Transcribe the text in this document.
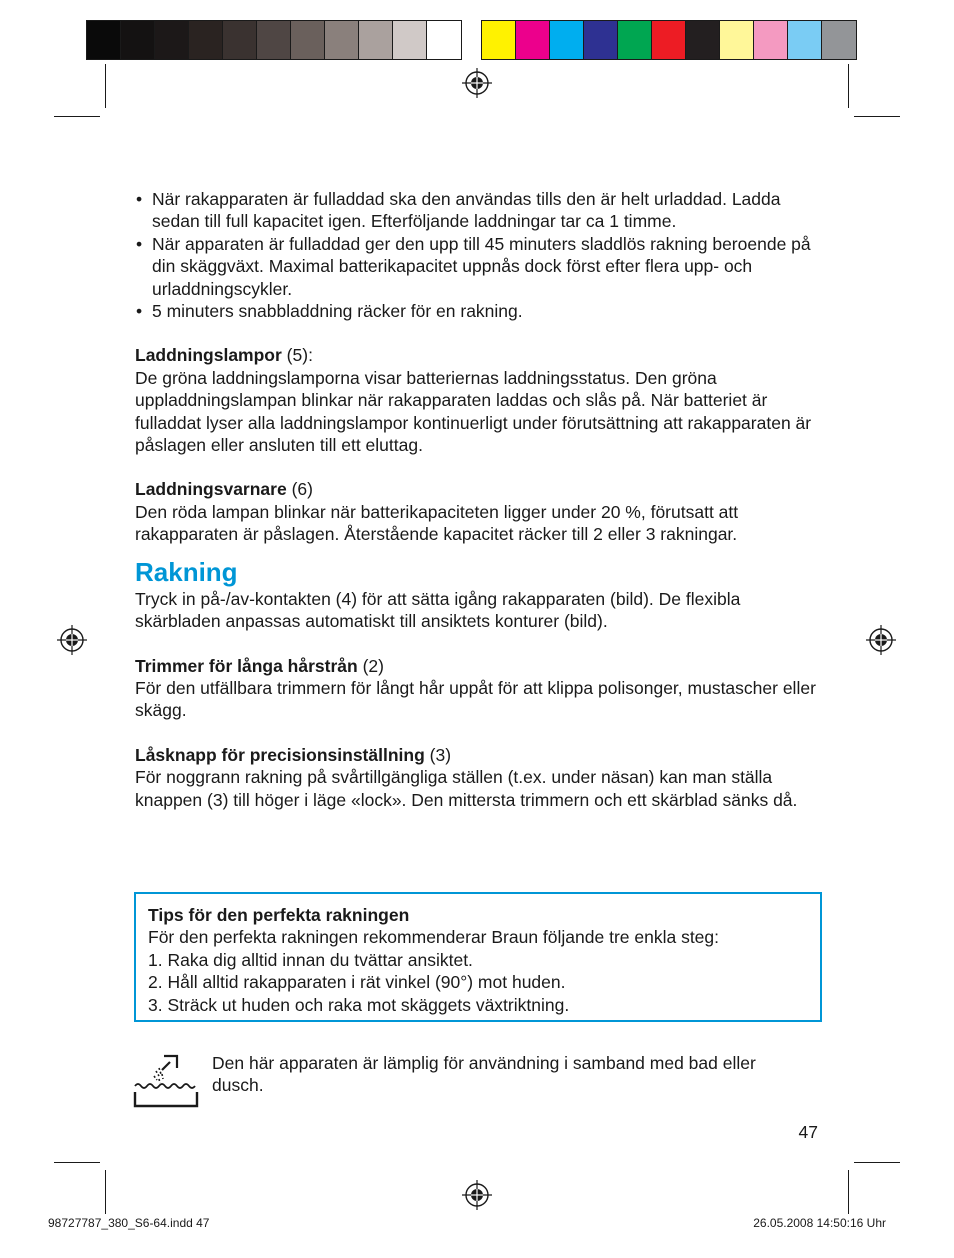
• När rakapparaten är fulladdad ska den användas tills den är helt urladdad. Ladda sedan till full kapacitet igen. Efterföljande laddningar tar ca 1 timme.
• När apparaten är fulladdad ger den upp till 45 minuters sladdlös rakning beroende på din skäggväxt. Maximal batterikapacitet uppnås dock först efter flera upp- och urladdningscykler.
• 5 minuters snabbladdning räcker för en rakning.

Laddningslampor (5):

De gröna laddningslamporna visar batteriernas laddningsstatus. Den gröna uppladdningslampan blinkar när rakapparaten laddas och slås på. När batteriet är fulladdat lyser alla laddningslampor kontinuerligt under förutsättning att rakapparaten är påslagen eller ansluten till ett eluttag.

Laddningsvarnare (6)

Den röda lampan blinkar när batterikapaciteten ligger under 20 %, förutsatt att rakapparaten är påslagen. Återstående kapacitet räcker till 2 eller 3 rakningar.

Rakning

Tryck in på-/av-kontakten (4) för att sätta igång rakapparaten (bild). De flexibla skärbladen anpassas automatiskt till ansiktets konturer (bild).

Trimmer för långa hårstrån (2)

För den utfällbara trimmern för långt hår uppåt för att klippa polisonger, mustascher eller skägg.

Låsknapp för precisionsinställning (3)

För noggrann rakning på svårtillgängliga ställen (t.ex. under näsan) kan man ställa knappen (3) till höger i läge «lock». Den mittersta trimmern och ett skärblad sänks då.

Tips för den perfekta rakningen

För den perfekta rakningen rekommenderar Braun följande tre enkla steg:

1. Raka dig alltid innan du tvättar ansiktet.
2. Håll alltid rakapparaten i rät vinkel (90°) mot huden.
3. Sträck ut huden och raka mot skäggets växtriktning.

Den här apparaten är lämplig för användning i samband med bad eller dusch.

47
98727787_380_S6-64.indd 47	26.05.2008 14:50:16 Uhr
